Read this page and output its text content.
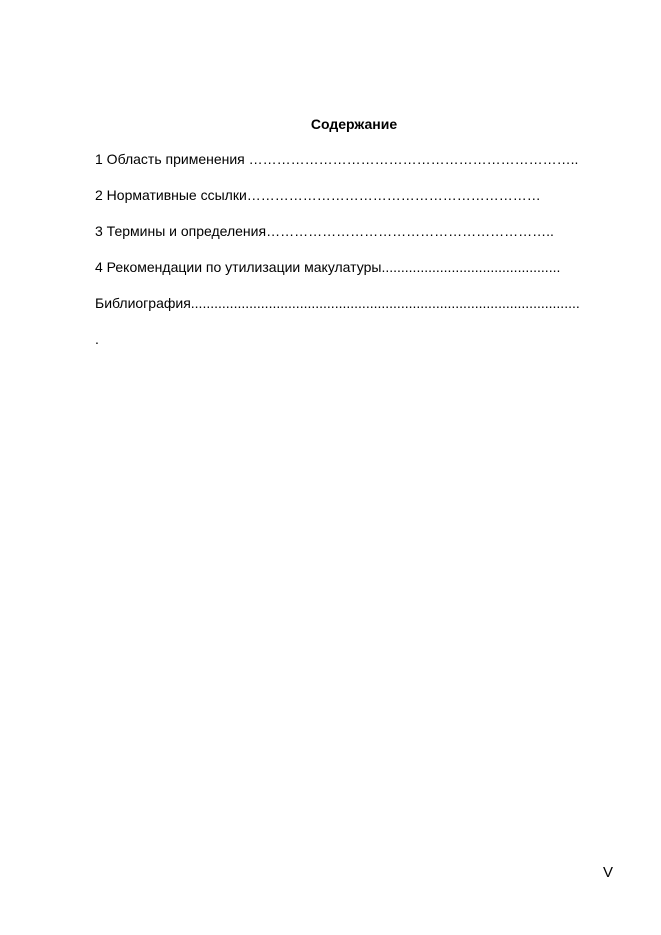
Содержание
1 Область применения ……………………………………………………………..
2 Нормативные ссылки………………………………………………………
3 Термины и определения……………………………………………………..
4 Рекомендации по утилизации макулатуры..............................................
Библиография....................................................................................................
.
V
